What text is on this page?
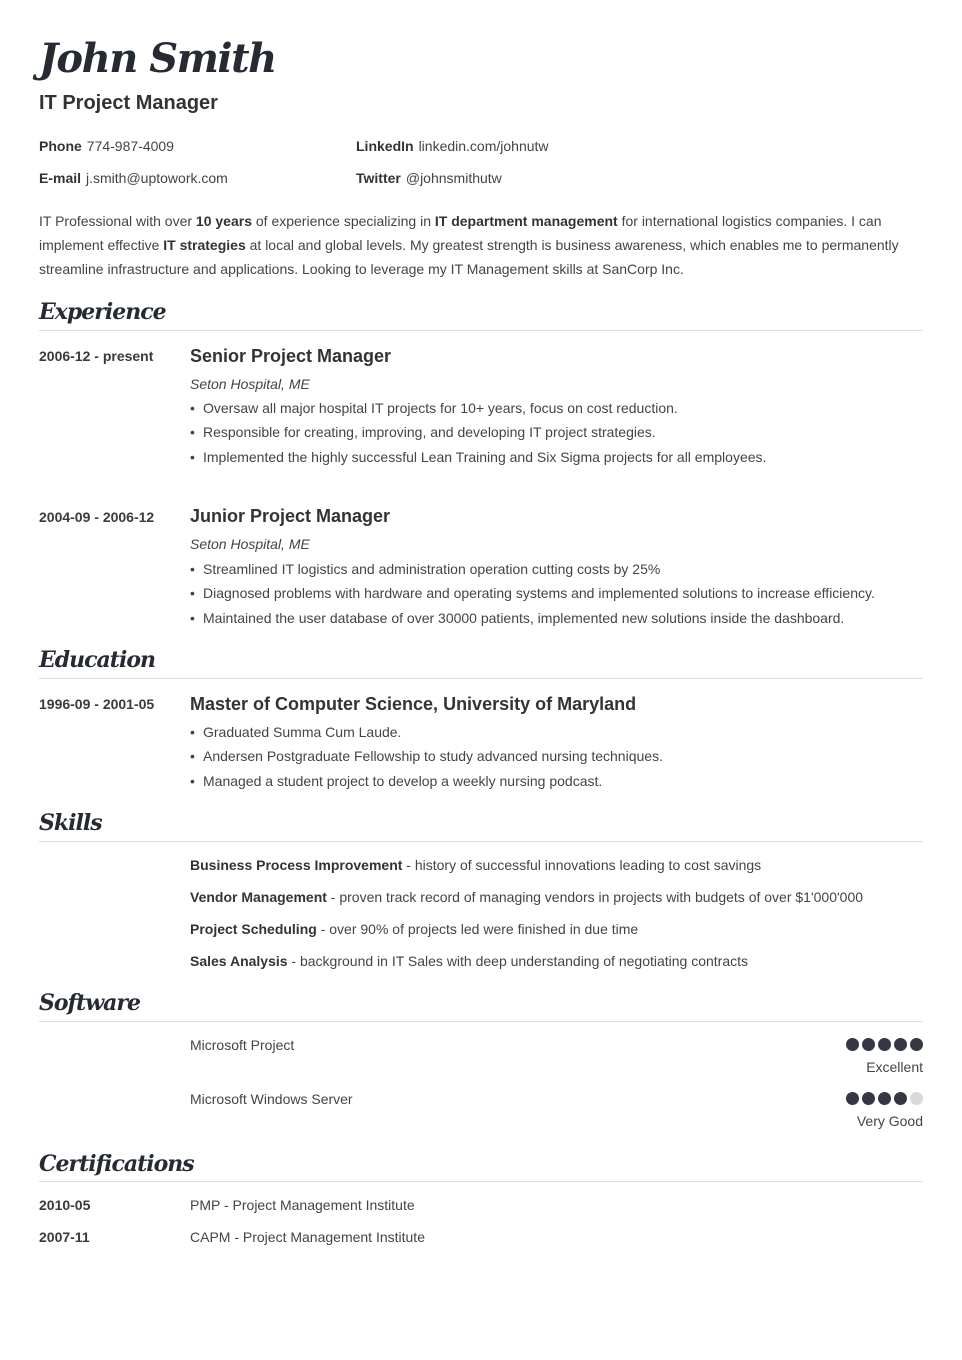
John Smith
IT Project Manager
Phone 774-987-4009
E-mail j.smith@uptowork.com
LinkedIn linkedin.com/johnutw
Twitter @johnsmithutw
IT Professional with over 10 years of experience specializing in IT department management for international logistics companies. I can implement effective IT strategies at local and global levels. My greatest strength is business awareness, which enables me to permanently streamline infrastructure and applications. Looking to leverage my IT Management skills at SanCorp Inc.
Experience
2006-12 - present Senior Project Manager
Seton Hospital, ME
• Oversaw all major hospital IT projects for 10+ years, focus on cost reduction.
• Responsible for creating, improving, and developing IT project strategies.
• Implemented the highly successful Lean Training and Six Sigma projects for all employees.
2004-09 - 2006-12 Junior Project Manager
Seton Hospital, ME
• Streamlined IT logistics and administration operation cutting costs by 25%
• Diagnosed problems with hardware and operating systems and implemented solutions to increase efficiency.
• Maintained the user database of over 30000 patients, implemented new solutions inside the dashboard.
Education
1996-09 - 2001-05 Master of Computer Science, University of Maryland
• Graduated Summa Cum Laude.
• Andersen Postgraduate Fellowship to study advanced nursing techniques.
• Managed a student project to develop a weekly nursing podcast.
Skills
Business Process Improvement - history of successful innovations leading to cost savings
Vendor Management - proven track record of managing vendors in projects with budgets of over $1'000'000
Project Scheduling - over 90% of projects led were finished in due time
Sales Analysis - background in IT Sales with deep understanding of negotiating contracts
Software
Microsoft Project
Excellent
Microsoft Windows Server
Very Good
Certifications
2010-05	PMP - Project Management Institute
2007-11	CAPM - Project Management Institute
